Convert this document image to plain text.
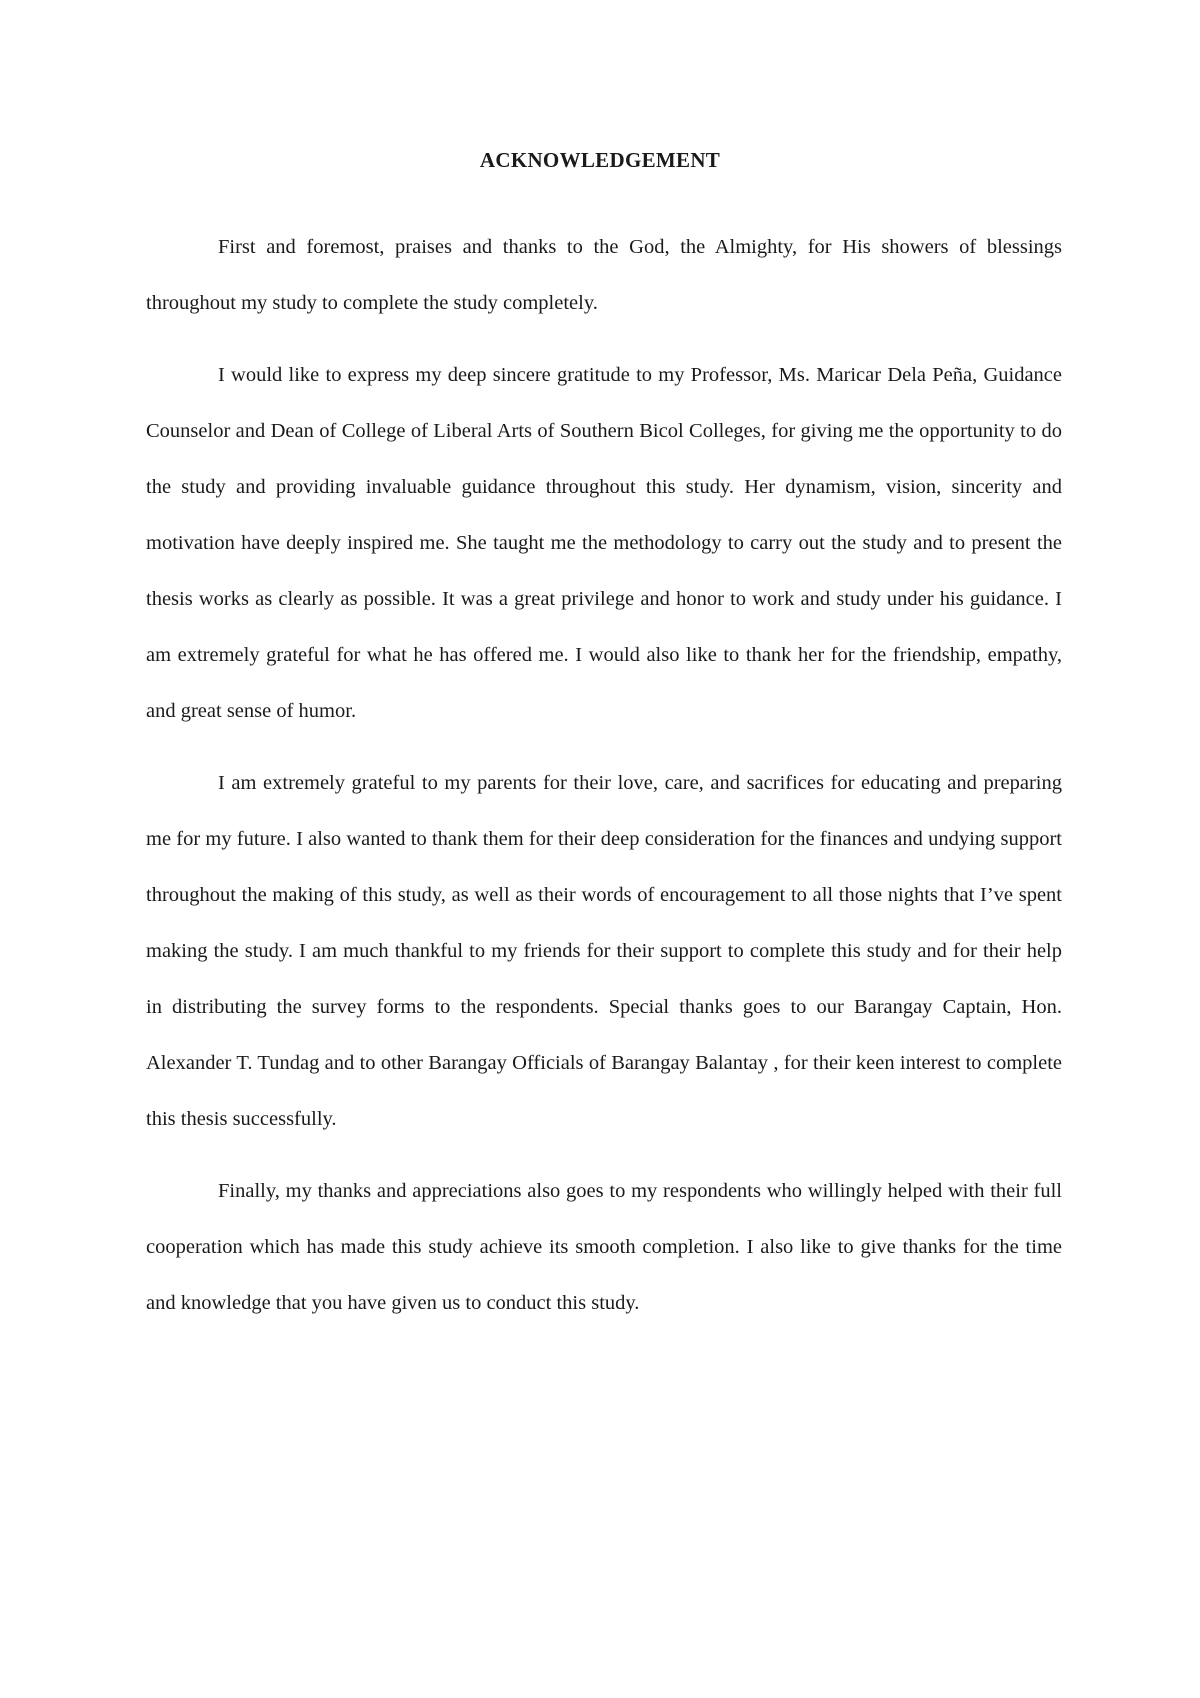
ACKNOWLEDGEMENT

First and foremost, praises and thanks to the God, the Almighty, for His showers of blessings throughout my study to complete the study completely.

I would like to express my deep sincere gratitude to my Professor, Ms. Maricar Dela Peña, Guidance Counselor and Dean of College of Liberal Arts of Southern Bicol Colleges, for giving me the opportunity to do the study and providing invaluable guidance throughout this study. Her dynamism, vision, sincerity and motivation have deeply inspired me. She taught me the methodology to carry out the study and to present the thesis works as clearly as possible. It was a great privilege and honor to work and study under his guidance. I am extremely grateful for what he has offered me. I would also like to thank her for the friendship, empathy, and great sense of humor.

I am extremely grateful to my parents for their love, care, and sacrifices for educating and preparing me for my future. I also wanted to thank them for their deep consideration for the finances and undying support throughout the making of this study, as well as their words of encouragement to all those nights that I’ve spent making the study. I am much thankful to my friends for their support to complete this study and for their help in distributing the survey forms to the respondents. Special thanks goes to our Barangay Captain, Hon. Alexander T. Tundag and to other Barangay Officials of Barangay Balantay , for their keen interest to complete this thesis successfully.

Finally, my thanks and appreciations also goes to my respondents who willingly helped with their full cooperation which has made this study achieve its smooth completion. I also like to give thanks for the time and knowledge that you have given us to conduct this study.
